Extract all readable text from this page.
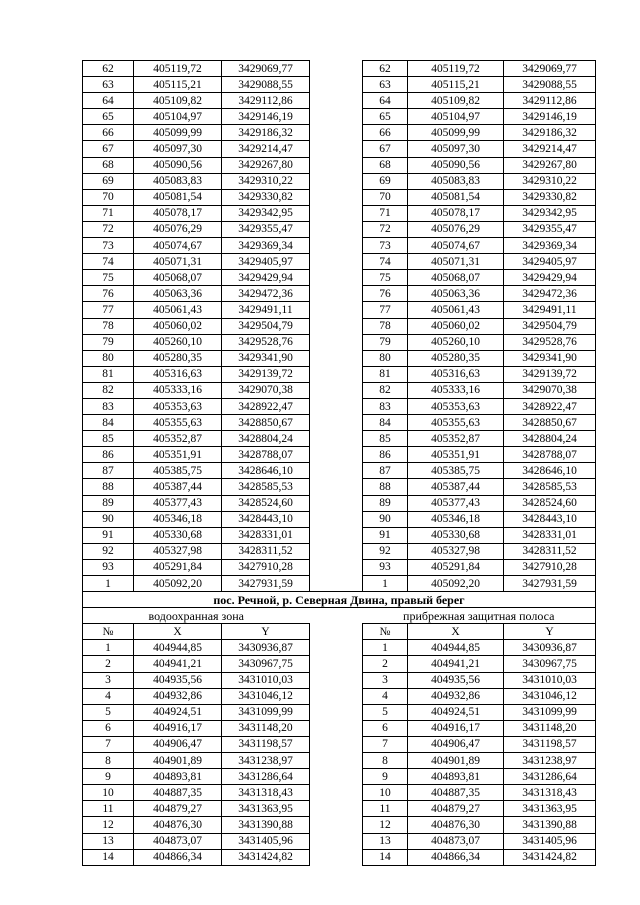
62	405119,72	3429069,77		62	405119,72	3429069,77
63	405115,21	3429088,55		63	405115,21	3429088,55
64	405109,82	3429112,86		64	405109,82	3429112,86
65	405104,97	3429146,19		65	405104,97	3429146,19
66	405099,99	3429186,32		66	405099,99	3429186,32
67	405097,30	3429214,47		67	405097,30	3429214,47
68	405090,56	3429267,80		68	405090,56	3429267,80
69	405083,83	3429310,22		69	405083,83	3429310,22
70	405081,54	3429330,82		70	405081,54	3429330,82
71	405078,17	3429342,95		71	405078,17	3429342,95
72	405076,29	3429355,47		72	405076,29	3429355,47
73	405074,67	3429369,34		73	405074,67	3429369,34
74	405071,31	3429405,97		74	405071,31	3429405,97
75	405068,07	3429429,94		75	405068,07	3429429,94
76	405063,36	3429472,36		76	405063,36	3429472,36
77	405061,43	3429491,11		77	405061,43	3429491,11
78	405060,02	3429504,79		78	405060,02	3429504,79
79	405260,10	3429528,76		79	405260,10	3429528,76
80	405280,35	3429341,90		80	405280,35	3429341,90
81	405316,63	3429139,72		81	405316,63	3429139,72
82	405333,16	3429070,38		82	405333,16	3429070,38
83	405353,63	3428922,47		83	405353,63	3428922,47
84	405355,63	3428850,67		84	405355,63	3428850,67
85	405352,87	3428804,24		85	405352,87	3428804,24
86	405351,91	3428788,07		86	405351,91	3428788,07
87	405385,75	3428646,10		87	405385,75	3428646,10
88	405387,44	3428585,53		88	405387,44	3428585,53
89	405377,43	3428524,60		89	405377,43	3428524,60
90	405346,18	3428443,10		90	405346,18	3428443,10
91	405330,68	3428331,01		91	405330,68	3428331,01
92	405327,98	3428311,52		92	405327,98	3428311,52
93	405291,84	3427910,28		93	405291,84	3427910,28
1	405092,20	3427931,59		1	405092,20	3427931,59
пос. Речной, р. Северная Двина, правый берег						
водоохранная зона				прибрежная защитная полоса		
№	X	Y		№	X	Y
1	404944,85	3430936,87		1	404944,85	3430936,87
2	404941,21	3430967,75		2	404941,21	3430967,75
3	404935,56	3431010,03		3	404935,56	3431010,03
4	404932,86	3431046,12		4	404932,86	3431046,12
5	404924,51	3431099,99		5	404924,51	3431099,99
6	404916,17	3431148,20		6	404916,17	3431148,20
7	404906,47	3431198,57		7	404906,47	3431198,57
8	404901,89	3431238,97		8	404901,89	3431238,97
9	404893,81	3431286,64		9	404893,81	3431286,64
10	404887,35	3431318,43		10	404887,35	3431318,43
11	404879,27	3431363,95		11	404879,27	3431363,95
12	404876,30	3431390,88		12	404876,30	3431390,88
13	404873,07	3431405,96		13	404873,07	3431405,96
14	404866,34	3431424,82		14	404866,34	3431424,82
